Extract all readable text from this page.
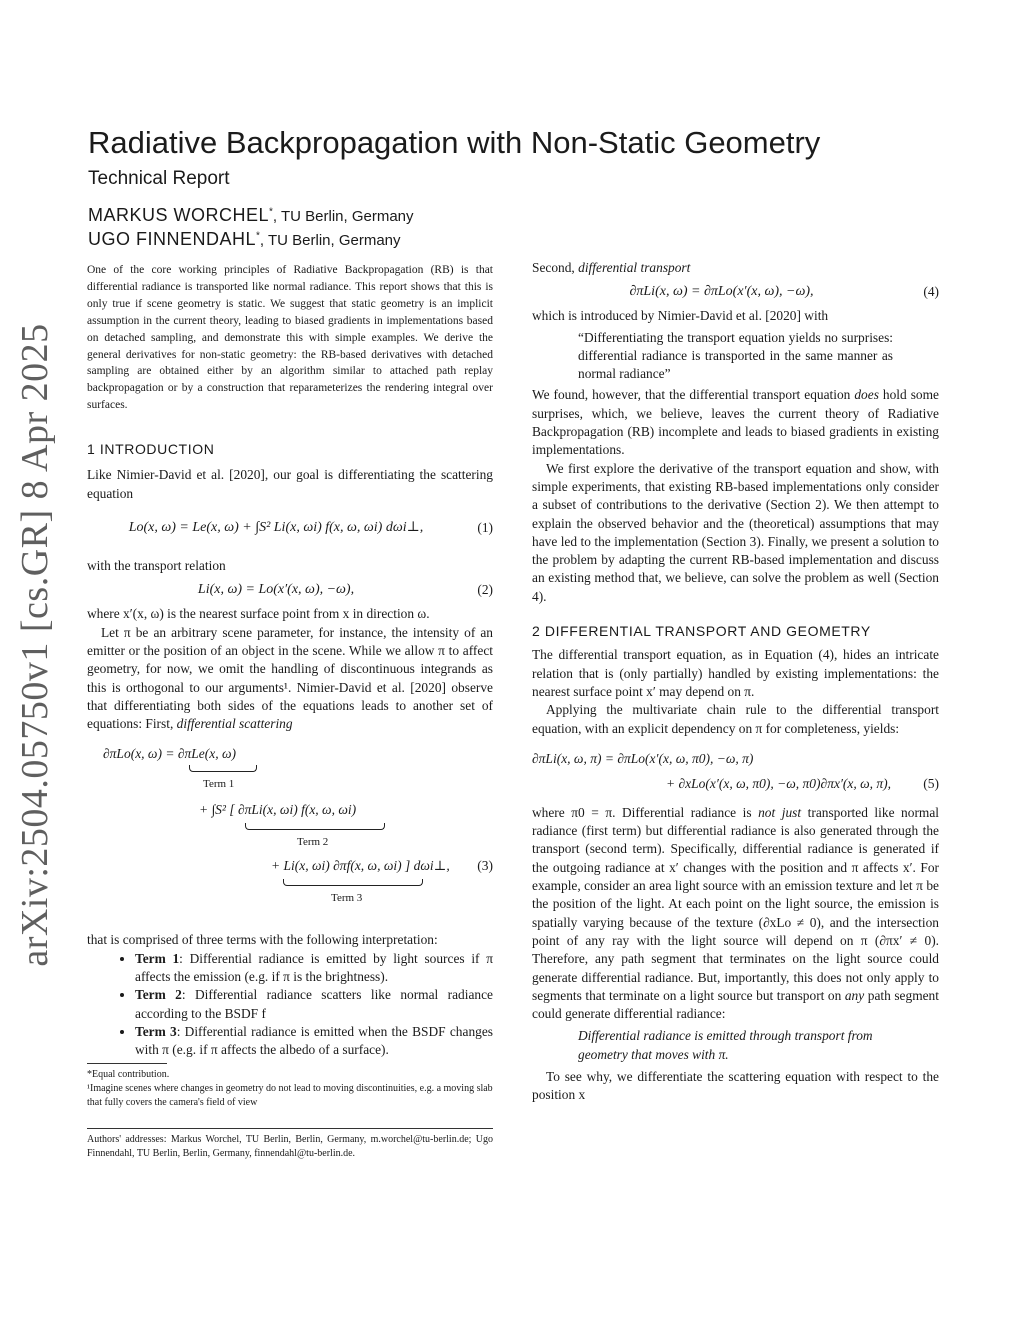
arXiv:2504.05750v1 [cs.GR] 8 Apr 2025
Radiative Backpropagation with Non-Static Geometry
Technical Report
MARKUS WORCHEL*, TU Berlin, Germany
UGO FINNENDAHL*, TU Berlin, Germany

One of the core working principles of Radiative Backpropagation (RB) is that differential radiance is transported like normal radiance. This report shows that this is only true if scene geometry is static. We suggest that static geometry is an implicit assumption in the current theory, leading to biased gradients in implementations based on detached sampling, and demonstrate this with simple examples. We derive the general derivatives for non-static geometry: the RB-based derivatives with detached sampling are obtained either by an algorithm similar to attached path replay backpropagation or by a construction that reparameterizes the rendering integral over surfaces.

1 INTRODUCTION

Like Nimier-David et al. [2020], our goal is differentiating the scattering equation

Lo(x, ω) = Le(x, ω) + ∫S² Li(x, ωi) f(x, ω, ωi) dωi⊥,	(1)

with the transport relation

Li(x, ω) = Lo(x′(x, ω), −ω),	(2)

where x′(x, ω) is the nearest surface point from x in direction ω.

Let π be an arbitrary scene parameter, for instance, the intensity of an emitter or the position of an object in the scene. While we allow π to affect geometry, for now, we omit the handling of discontinuous integrands as this is orthogonal to our arguments¹. Nimier-David et al. [2020] observe that differentiating both sides of the equations leads to another set of equations: First, differential scattering

∂πLo(x, ω) = ∂πLe(x, ω)
Term 1
+ ∫S² [ ∂πLi(x, ωi) f(x, ω, ωi)
Term 2
+ Li(x, ωi) ∂πf(x, ω, ωi) ] dωi⊥, (3)
Term 3

that is comprised of three terms with the following interpretation:

• Term 1: Differential radiance is emitted by light sources if π affects the emission (e.g. if π is the brightness).
• Term 2: Differential radiance scatters like normal radiance according to the BSDF f
• Term 3: Differential radiance is emitted when the BSDF changes with π (e.g. if π affects the albedo of a surface).
*Equal contribution.
¹Imagine scenes where changes in geometry do not lead to moving discontinuities, e.g. a moving slab that fully covers the camera's field of view
Authors' addresses: Markus Worchel, TU Berlin, Berlin, Germany, m.worchel@tu-berlin.de; Ugo Finnendahl, TU Berlin, Berlin, Germany, finnendahl@tu-berlin.de.

Second, differential transport

∂πLi(x, ω) = ∂πLo(x′(x, ω), −ω),	(4)

which is introduced by Nimier-David et al. [2020] with

“Differentiating the transport equation yields no surprises: differential radiance is transported in the same manner as normal radiance”

We found, however, that the differential transport equation does hold some surprises, which, we believe, leaves the current theory of Radiative Backpropagation (RB) incomplete and leads to biased gradients in existing implementations.

We first explore the derivative of the transport equation and show, with simple experiments, that existing RB-based implementations only consider a subset of contributions to the derivative (Section 2). We then attempt to explain the observed behavior and the (theoretical) assumptions that may have led to the implementation (Section 3). Finally, we present a solution to the problem by adapting the current RB-based implementation and discuss an existing method that, we believe, can solve the problem as well (Section 4).

2 DIFFERENTIAL TRANSPORT AND GEOMETRY

The differential transport equation, as in Equation (4), hides an intricate relation that is (only partially) handled by existing implementations: the nearest surface point x′ may depend on π.

Applying the multivariate chain rule to the differential transport equation, with an explicit dependency on π for completeness, yields:

∂πLi(x, ω, π) = ∂πLo(x′(x, ω, π0), −ω, π)
+ ∂xLo(x′(x, ω, π0), −ω, π0)∂πx′(x, ω, π), (5)

where π0 = π. Differential radiance is not just transported like normal radiance (first term) but differential radiance is also generated through the transport (second term). Specifically, differential radiance is generated if the outgoing radiance at x′ changes with the position and π affects x′. For example, consider an area light source with an emission texture and let π be the position of the light. At each point on the light source, the emission is spatially varying because of the texture (∂xLo ≠ 0), and the intersection point of any ray with the light source will depend on π (∂πx′ ≠ 0). Therefore, any path segment that terminates on the light source could generate differential radiance. But, importantly, this does not only apply to segments that terminate on a light source but transport on any path segment could generate differential radiance:

Differential radiance is emitted through transport from geometry that moves with π.

To see why, we differentiate the scattering equation with respect to the position x
